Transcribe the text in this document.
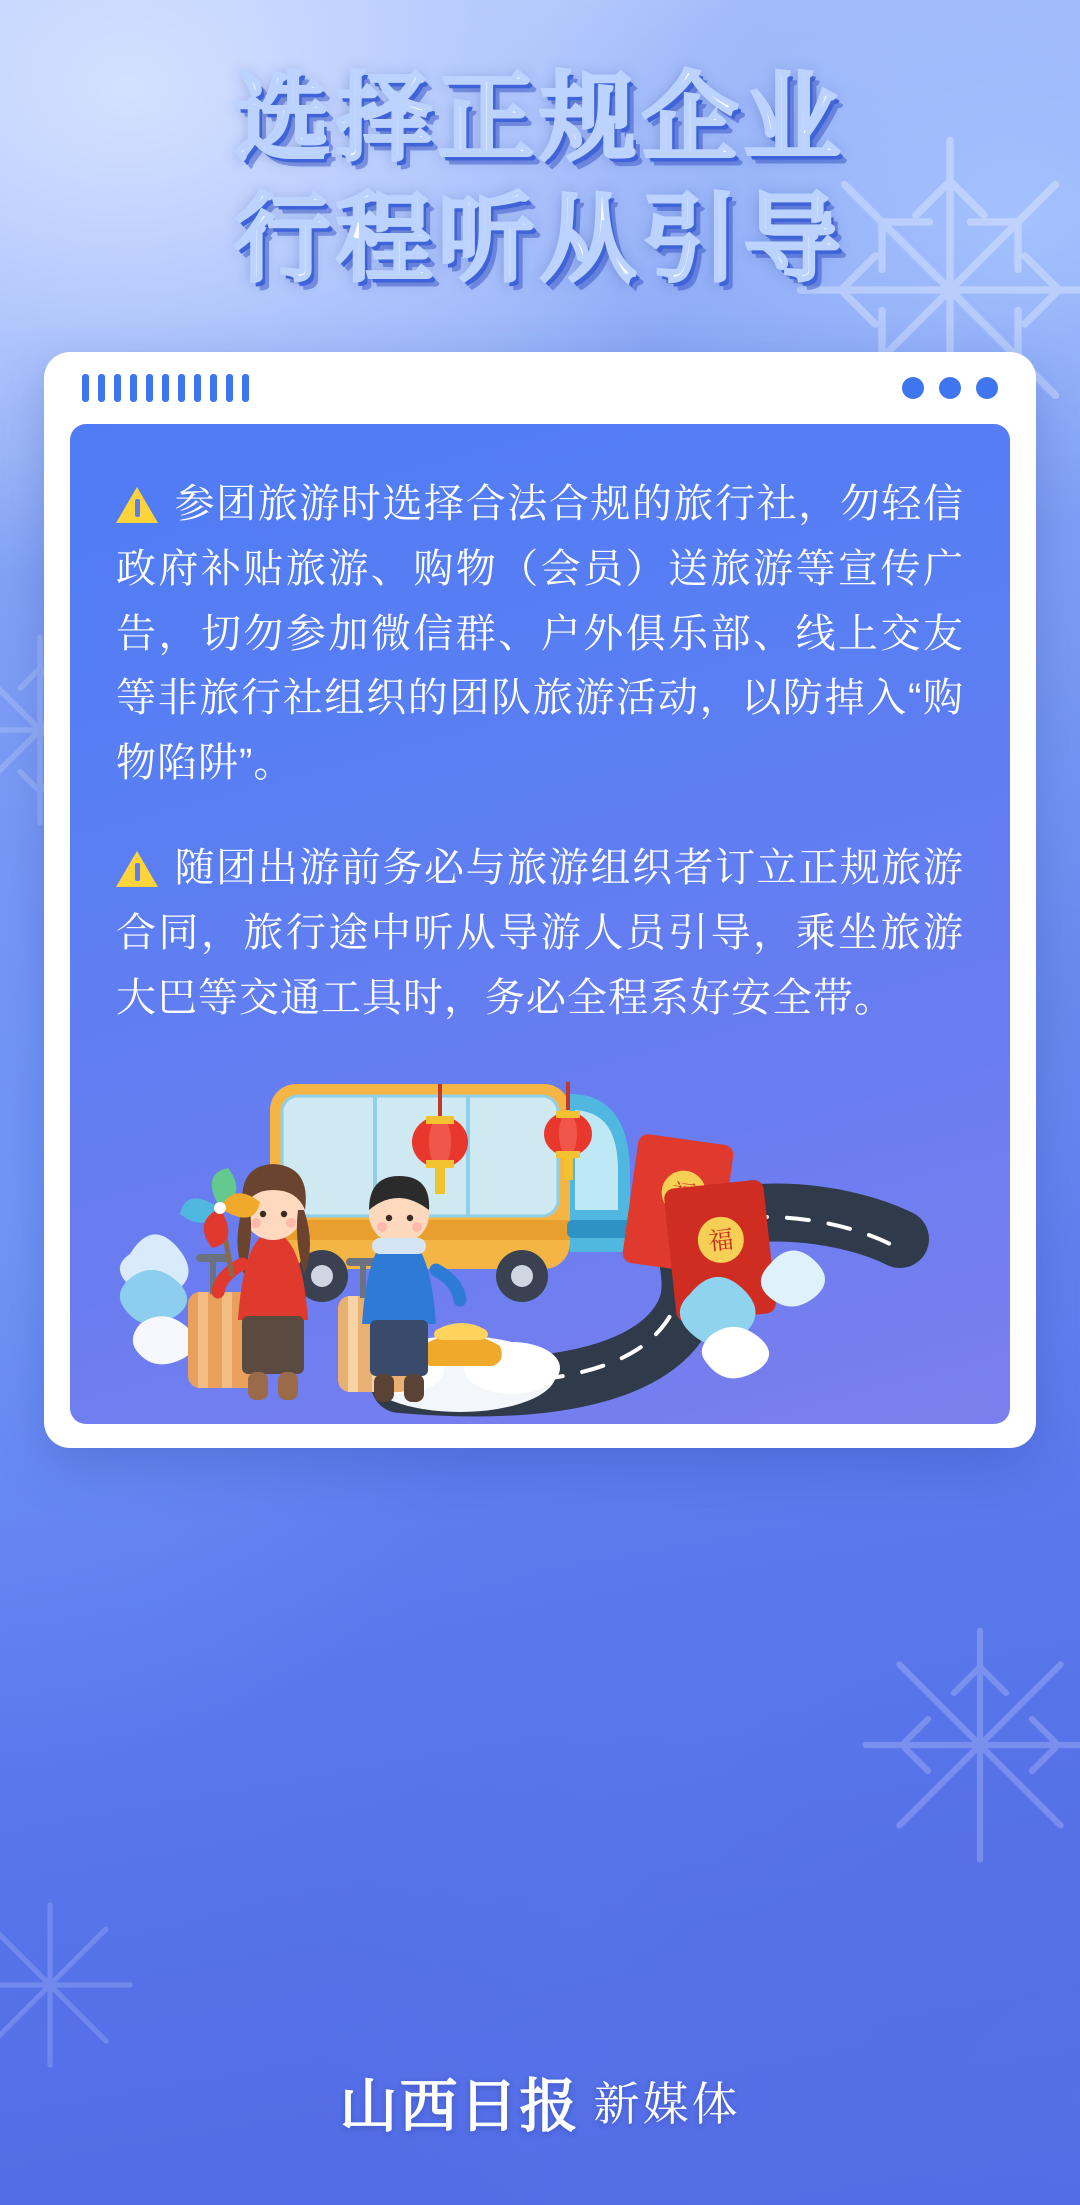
选择正规企业
行程听从引导

参团旅游时选择合法合规的旅行社，勿轻信政府补贴旅游、购物（会员）送旅游等宣传广告，切勿参加微信群、户外俱乐部、线上交友等非旅行社组织的团队旅游活动，以防掉入“购物陷阱”。

随团出游前务必与旅游组织者订立正规旅游合同，旅行途中听从导游人员引导，乘坐旅游大巴等交通工具时，务必全程系好安全带。

福
山西日报 新媒体
